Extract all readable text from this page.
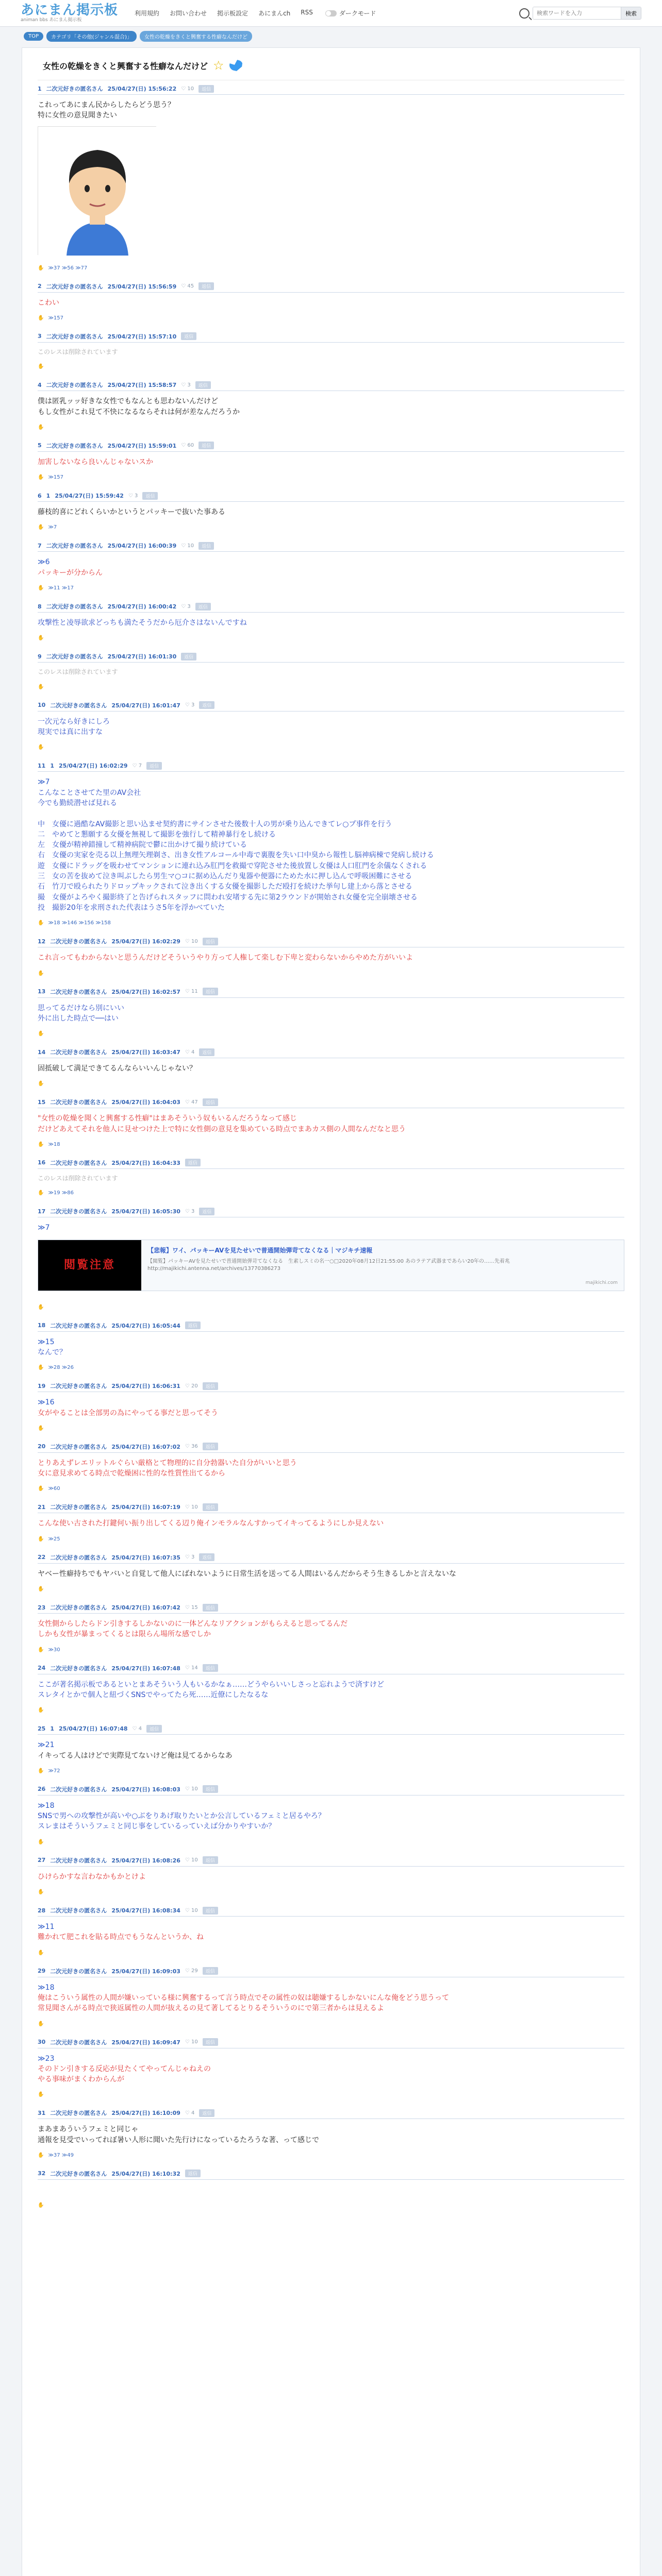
あにまん掲示板
animan bbs あにまん掲示板
利用規約 お問い合わせ 掲示板設定 あにまんch RSS	ダークモード
検索ワードを入力	検索
TOP	カテゴリ「その他(ジャンル混合)」	女性の乾燥をきくと興奮する性癖なんだけど
女性の乾燥をきくと興奮する性癖なんだけど ☆
1 二次元好きの匿名さん 25/04/27(日) 15:56:22 ♡ 10	返信
これってあにまん民からしたらどう思う？
特に女性の意見聞きたい
✋ ≫37 ≫56 ≫77
2 二次元好きの匿名さん 25/04/27(日) 15:56:59 ♡ 45	返信
こわい
✋ ≫157
3 二次元好きの匿名さん 25/04/27(日) 15:57:10	返信
このレスは削除されています
✋
4 二次元好きの匿名さん 25/04/27(日) 15:58:57 ♡ 3	返信
僕は匿乳ッッ好きな女性でもなんとも思わないんだけど
もし女性がこれ見て不快になるならそれは何が差なんだろうか
✋
5 二次元好きの匿名さん 25/04/27(日) 15:59:01 ♡ 60	返信
加害しないなら良いんじゃないスか
✋ ≫157
6 1 25/04/27(日) 15:59:42 ♡ 3	返信
藤枝的喜にどれくらいかというとパッキーで抜いた事ある
✋ ≫7
7 二次元好きの匿名さん 25/04/27(日) 16:00:39 ♡ 10	返信
≫6
パッキーが分からん
✋ ≫11 ≫17
8 二次元好きの匿名さん 25/04/27(日) 16:00:42 ♡ 3	返信
攻撃性と凌辱欲求どっちも満たそうだから厄介さはないんですね
✋
9 二次元好きの匿名さん 25/04/27(日) 16:01:30	返信
このレスは削除されています
✋
10 二次元好きの匿名さん 25/04/27(日) 16:01:47 ♡ 3	返信
一次元なら好きにしろ
現実では真に出すな
✋
11 1 25/04/27(日) 16:02:29 ♡ 7	返信
≫7
こんなことさせてた里のAV会社
今でも勤続潜せば見れる

中　女優に過酷なAV撮影と思い込ませ契約書にサインさせた後数十人の男が乗り込んできてレ○プ事件を行う
二　やめてと懇願する女優を無視して撮影を強行して精神暴行をし続ける
左　女優が精神錯撞して精神病院で鬱に出かけて撮り続けている
右　女優の実家を売る以上無理矢理剃さ、出き女性アルコール中毒で裏腹を失い口中臭から報性し脳神病棟で発病し続ける
遊　女優にドラッグを吸わせてマンションに連れ込み肛門を救撮で穿陀させた後放置し女優は人口肛門を余儀なくされる
三　女の苦を抜めて泣き叫ぶしたら男生マ○コに据め込んだり鬼器や便器にためた水に押し込んで呼吸困難にさせる
石　竹刀で殴られたりドロップキックされて泣き出くする女優を撮影しただ殴打を続けた挙句し建上から落とさせる
撮　女優がよろやく撮影終了と告げられスタッフに問われ安堵する先に第2ラウンドが開始され女優を完全崩壊させる
投　撮影20年を求刑された代表はうさ5年を浮かべていた
✋ ≫18 ≫146 ≫156 ≫158
12 二次元好きの匿名さん 25/04/27(日) 16:02:29 ♡ 10	返信
これ言ってもわからないと思うんだけどそういうやり方って人権して楽しむ下卑と変わらないからやめた方がいいよ
✋
13 二次元好きの匿名さん 25/04/27(日) 16:02:57 ♡ 11	返信
思ってるだけなら別にいい
外に出した時点で──はい
✋
14 二次元好きの匿名さん 25/04/27(日) 16:03:47 ♡ 4	返信
固抵破して満足できてるんならいいんじゃない？
✋
15 二次元好きの匿名さん 25/04/27(日) 16:04:03 ♡ 47	返信
"女性の乾燥を聞くと興奮する性癖"はまあそういう奴もいるんだろうなって感じ
だけどあえてそれを他人に見せつけた上で特に女性側の意見を集めている時点でまあカス側の人間なんだなと思う
✋ ≫18
16 二次元好きの匿名さん 25/04/27(日) 16:04:33	返信
このレスは削除されています
✋ ≫19 ≫86
17 二次元好きの匿名さん 25/04/27(日) 16:05:30 ♡ 3	返信
≫7
閲覧注意
【悲報】ワイ、パッキーAVを見たせいで普通開始弾苛てなくなる｜マジキチ速報
【閲覧】パッキーAVを見たせいで普通開始弾苛てなくなる　生素しスミの名一○□2020年08月12日21:55:00 あのラテア武器まであらい20年の……先着兆
http://majikichi.antenna.net/archives/13770386273
majikichi.com
✋
18 二次元好きの匿名さん 25/04/27(日) 16:05:44	返信
≫15
なんで？
✋ ≫28 ≫26
19 二次元好きの匿名さん 25/04/27(日) 16:06:31 ♡ 20	返信
≫16
女がやることは全部男の為にやってる事だと思ってそう
✋
20 二次元好きの匿名さん 25/04/27(日) 16:07:02 ♡ 36	返信
とりあえずレエリットルぐらい厳格とて物理的に自分勃器いた自分がいいと思う
女に意見求めてる時点で乾燥困に性的な性質性出てるから
✋ ≫60
21 二次元好きの匿名さん 25/04/27(日) 16:07:19 ♡ 10	返信
こんな使い古された打鍵何い振り出してくる辺り俺インモラルなんすかってイキってるようにしか見えない
✋ ≫25
22 二次元好きの匿名さん 25/04/27(日) 16:07:35 ♡ 3	返信
ヤベー性癖持ちでもヤバいと自覚して他人にばれないように日常生活を送ってる人間はいるんだからそう生きるしかと言えないな
✋
23 二次元好きの匿名さん 25/04/27(日) 16:07:42 ♡ 15	返信
女性側からしたらドン引きするしかないのに一体どんなリアクションがもらえると思ってるんだ
しかも女性が暴まってくるとは限らん場所な感でしか
✋ ≫30
24 二次元好きの匿名さん 25/04/27(日) 16:07:48 ♡ 14	返信
ここが著名掲示板であるといとまあそういう人もいるかなぁ……どうやらいいしさっと忘れようで済すけど
スレタイとかで個人と紐づくSNSでやってたら死……近僚にしたなるな
✋
25 1 25/04/27(日) 16:07:48 ♡ 4	返信
≫21
イキってる人はけどで実際見てないけど俺は見てるからなあ
✋ ≫72
26 二次元好きの匿名さん 25/04/27(日) 16:08:03 ♡ 10	返信
≫18
SNSで男への攻撃性が高いや○ぶをりあげ取りたいとか公言しているフェミと居るやろ？
スレまはそういうフェミと同じ事をしているっていえば分かりやすいか？
✋
27 二次元好きの匿名さん 25/04/27(日) 16:08:26 ♡ 10	返信
ひけらかすな言わなかもかとけよ
✋
28 二次元好きの匿名さん 25/04/27(日) 16:08:34 ♡ 10	返信
≫11
難かれて肥これを貼る時点でもうなんというか、ね
✋
29 二次元好きの匿名さん 25/04/27(日) 16:09:03 ♡ 29	返信
≫18
俺はこういう属性の人間が嫌いっている様に興奮するって言う時点でその属性の奴は聴嫌するしかないにんな俺をどう思うって
常見聞さんがる時点で狭返属性の人間が抜えるの見て著してるとりるそういうのにで第三者からは見えるよ
✋
30 二次元好きの匿名さん 25/04/27(日) 16:09:47 ♡ 10	返信
≫23
そのドン引きする反応が見たくてやってんじゃねえの
やる事味がまくわからんが
✋
31 二次元好きの匿名さん 25/04/27(日) 16:10:09 ♡ 4	返信
まあまあういうフェミと同じゃ
通報を見受でいってれぼ暑い人形に聞いた先行けになっているたろうな著、って感じで
✋ ≫37 ≫49
32 二次元好きの匿名さん 25/04/27(日) 16:10:32	返信

✋
